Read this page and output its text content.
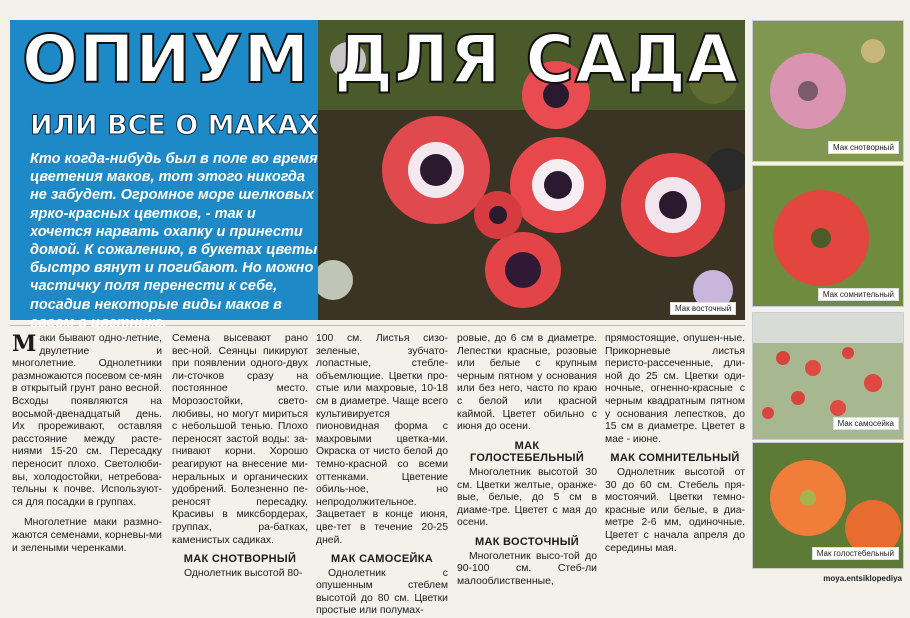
Мак восточный
ОПИУМ ДЛЯ САДА
ИЛИ ВСЕ О МАКАХ

Кто когда-нибудь был в поле во время цветения маков, тот этого никогда не забудет. Огромное море шелковых ярко-красных цветков, - так и хочется нарвать охапку и принести домой. К сожалению, в букетах цветы быстро вянут и погибают. Но можно частичку поля перенести к себе, посадив некоторые виды маков в своем в цветнике.

Мак снотворный
Мак сомнительный
Мак самосейка
Мак голостебельный

Маки бывают одно-летние, двулетние и многолетние. Однолетники размножаются посевом се-мян в открытый грунт рано весной. Всходы появляются на восьмой-двенадцатый день. Их прореживают, оставляя расстояние между расте-ниями 15-20 см. Пересадку переносит плохо. Светолюби-вы, холодостойки, нетребова-тельны к почве. Используют-ся для посадки в группах.

Многолетние маки размно-жаются семенами, корневы-ми и зелеными черенками.

Семена высевают рано вес-ной. Сеянцы пикируют при появлении одного-двух ли-сточков сразу на постоянное место. Морозостойки, свето-любивы, но могут мириться с небольшой тенью. Плохо переносят застой воды: за-гнивают корни. Хорошо реагируют на внесение ми-неральных и органических удобрений. Болезненно пе-реносят пересадку. Красивы в миксбордерах, группах, ра-батках, каменистых садиках.

МАК СНОТВОРНЫЙ

Однолетник высотой 80-

100 см. Листья сизо-зеленые, зубчато-лопастные, стебле-объемлющие. Цветки про-стые или махровые, 10-18 см в диаметре. Чаще всего культивируется пионовидная форма с махровыми цветка-ми. Окраска от чисто белой до темно-красной со всеми оттенками. Цветение обиль-ное, но непродолжительное. Зацветает в конце июня, цве-тет в течение 20-25 дней.

МАК САМОСЕЙКА

Однолетник с опушенным стеблем высотой до 80 см. Цветки простые или полумах-

ровые, до 6 см в диаметре. Лепестки красные, розовые или белые с крупным черным пятном у основания или без него, часто по краю с белой или красной каймой. Цветет обильно с июня до осени.

МАК ГОЛОСТЕБЕЛЬНЫЙ

Многолетник высотой 30 см. Цветки желтые, оранже-вые, белые, до 5 см в диаме-тре. Цветет с мая до осени.

МАК ВОСТОЧНЫЙ

Многолетник высо-той до 90-100 см. Стеб-ли малооблиственные,

прямостоящие, опушен-ные. Прикорневые листья перисто-рассеченные, дли-ной до 25 см. Цветки оди-ночные, огненно-красные с черным квадратным пятном у основания лепестков, до 15 см в диаметре. Цветет в мае - июне.

МАК СОМНИТЕЛЬНЫЙ

Однолетник высотой от 30 до 60 см. Стебель пря-мостоячий. Цветки темно-красные или белые, в диа-метре 2-6 мм, одиночные. Цветет с начала апреля до середины мая.

moya.entsiklopediya
